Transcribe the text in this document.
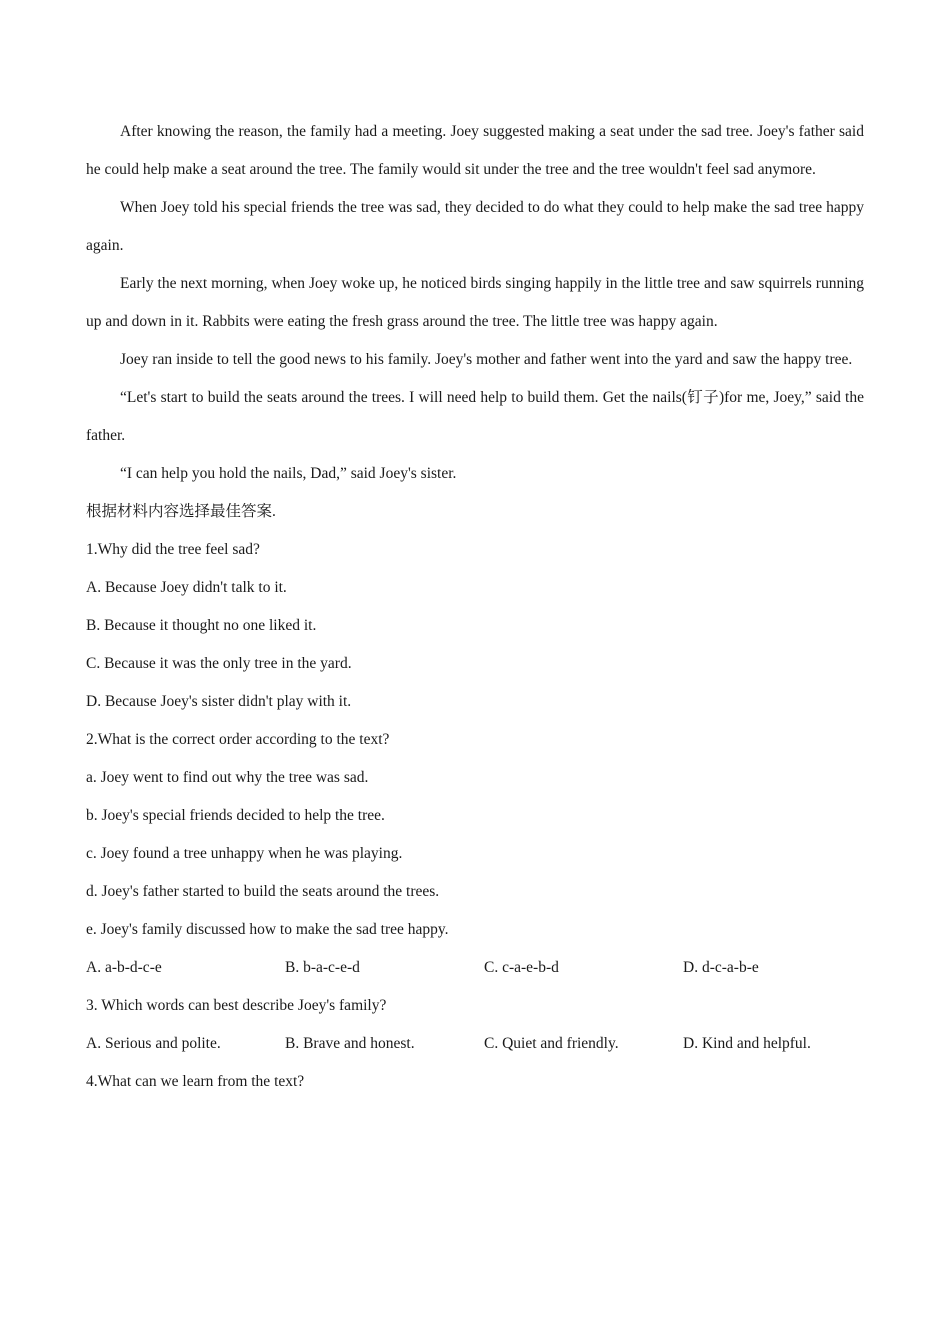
After knowing the reason, the family had a meeting. Joey suggested making a seat under the sad tree. Joey's father said he could help make a seat around the tree. The family would sit under the tree and the tree wouldn't feel sad anymore.

When Joey told his special friends the tree was sad, they decided to do what they could to help make the sad tree happy again.

Early the next morning, when Joey woke up, he noticed birds singing happily in the little tree and saw squirrels running up and down in it. Rabbits were eating the fresh grass around the tree. The little tree was happy again.

Joey ran inside to tell the good news to his family. Joey's mother and father went into the yard and saw the happy tree.

“Let's start to build the seats around the trees. I will need help to build them. Get the nails(钉子)for me, Joey,” said the father.

“I can help you hold the nails, Dad,” said Joey's sister.

根据材料内容选择最佳答案.

1.Why did the tree feel sad?

A. Because Joey didn't talk to it.

B. Because it thought no one liked it.

C. Because it was the only tree in the yard.

D. Because Joey's sister didn't play with it.

2.What is the correct order according to the text?

a. Joey went to find out why the tree was sad.

b. Joey's special friends decided to help the tree.

c. Joey found a tree unhappy when he was playing.

d. Joey's father started to build the seats around the trees.

e. Joey's family discussed how to make the sad tree happy.

A. a-b-d-c-e	B. b-a-c-e-d	C. c-a-e-b-d	D. d-c-a-b-e

3. Which words can best describe Joey's family?

A. Serious and polite.	B. Brave and honest.	C. Quiet and friendly.	D. Kind and helpful.

4.What can we learn from the text?
